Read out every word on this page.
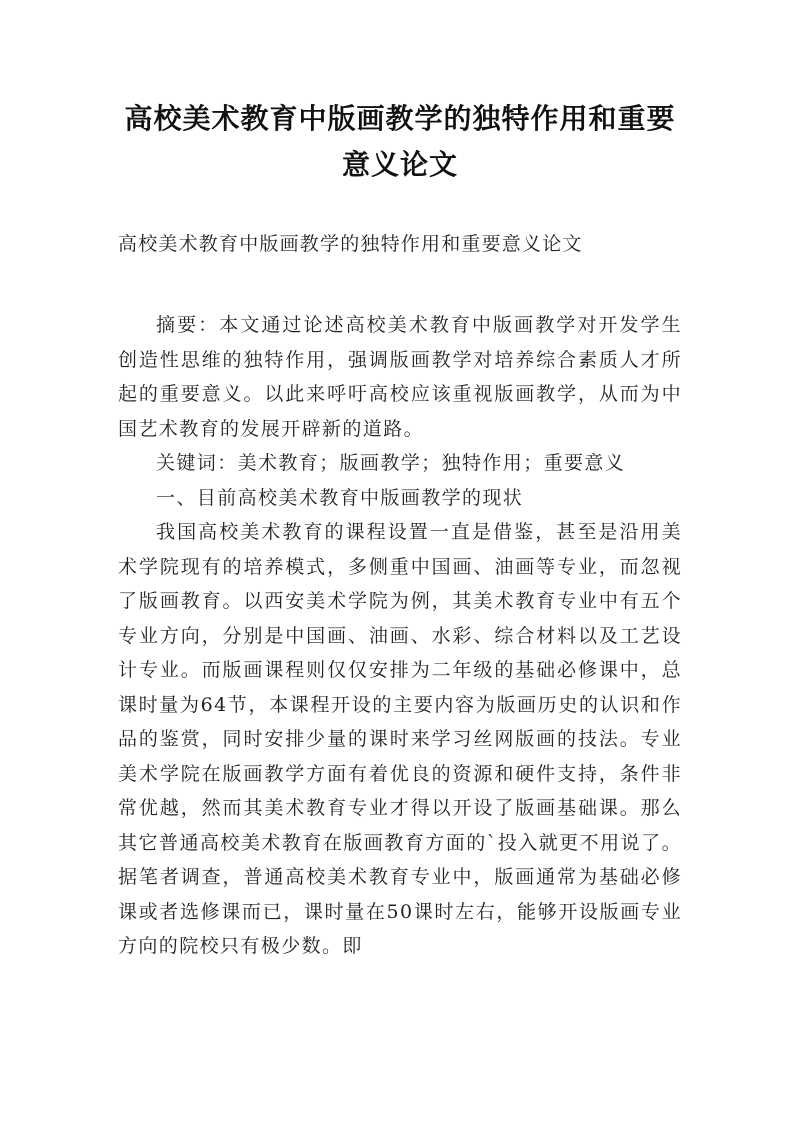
高校美术教育中版画教学的独特作用和重要意义论文
高校美术教育中版画教学的独特作用和重要意义论文

摘要：本文通过论述高校美术教育中版画教学对开发学生创造性思维的独特作用，强调版画教学对培养综合素质人才所起的重要意义。以此来呼吁高校应该重视版画教学，从而为中国艺术教育的发展开辟新的道路。

关键词：美术教育；版画教学；独特作用；重要意义

一、目前高校美术教育中版画教学的现状

我国高校美术教育的课程设置一直是借鉴，甚至是沿用美术学院现有的培养模式，多侧重中国画、油画等专业，而忽视了版画教育。以西安美术学院为例，其美术教育专业中有五个专业方向，分别是中国画、油画、水彩、综合材料以及工艺设计专业。而版画课程则仅仅安排为二年级的基础必修课中，总课时量为64节，本课程开设的主要内容为版画历史的认识和作品的鉴赏，同时安排少量的课时来学习丝网版画的技法。专业美术学院在版画教学方面有着优良的资源和硬件支持，条件非常优越，然而其美术教育专业才得以开设了版画基础课。那么其它普通高校美术教育在版画教育方面的`投入就更不用说了。据笔者调查，普通高校美术教育专业中，版画通常为基础必修课或者选修课而已，课时量在50课时左右，能够开设版画专业方向的院校只有极少数。即
